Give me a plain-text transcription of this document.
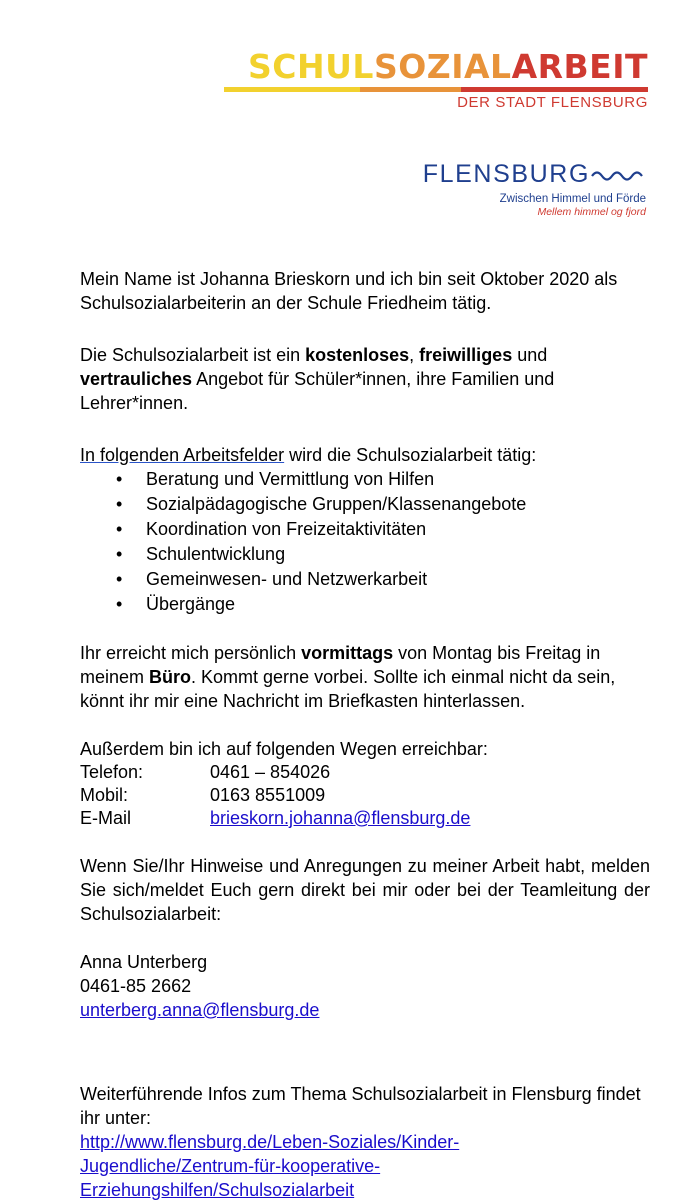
SCHULSOZIALARBEIT
DER STADT FLENSBURG
FLENSBURG
Zwischen Himmel und Förde
Mellem himmel og fjord

Mein Name ist Johanna Brieskorn und ich bin seit Oktober 2020 als Schulsozialarbeiterin an der Schule Friedheim tätig.

Die Schulsozialarbeit ist ein kostenloses, freiwilliges und vertrauliches Angebot für Schüler*innen, ihre Familien und Lehrer*innen.

In folgenden Arbeitsfelder wird die Schulsozialarbeit tätig:

• Beratung und Vermittlung von Hilfen
• Sozialpädagogische Gruppen/Klassenangebote
• Koordination von Freizeitaktivitäten
• Schulentwicklung
• Gemeinwesen- und Netzwerkarbeit
• Übergänge

Ihr erreicht mich persönlich vormittags von Montag bis Freitag in meinem Büro. Kommt gerne vorbei. Sollte ich einmal nicht da sein, könnt ihr mir eine Nachricht im Briefkasten hinterlassen.

Außerdem bin ich auf folgenden Wegen erreichbar:

Telefon:	0461 – 854026
Mobil:	0163 8551009
E-Mail	brieskorn.johanna@flensburg.de

Wenn Sie/Ihr Hinweise und Anregungen zu meiner Arbeit habt, melden Sie sich/meldet Euch gern direkt bei mir oder bei der Teamleitung der Schulsozialarbeit:

Anna Unterberg

0461-85 2662

unterberg.anna@flensburg.de

Weiterführende Infos zum Thema Schulsozialarbeit in Flensburg findet ihr unter:

http://www.flensburg.de/Leben-Soziales/Kinder-
Jugendliche/Zentrum-für-kooperative-
Erziehungshilfen/Schulsozialarbeit
